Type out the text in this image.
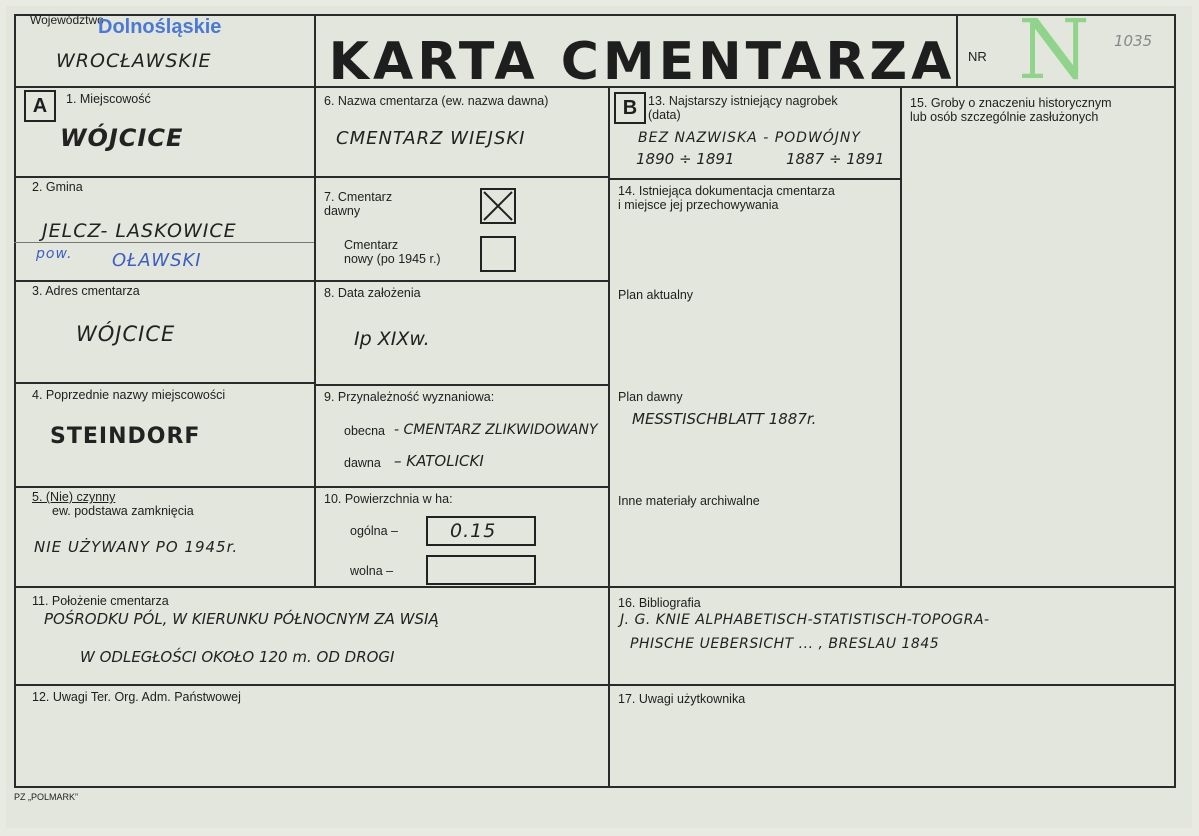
Województwo
Dolnośląskie
WROCŁAWSKIE KARTA CMENTARZA NR N 1035
A	1. Miejscowość
WÓJCICE
2. Gmina
JELCZ- LASKOWICE
pow. OŁAWSKI
3. Adres cmentarza
WÓJCICE
4. Poprzednie nazwy miejscowości
STEINDORF
5. (Nie) czynny
ew. podstawa zamknięcia
NIE UŻYWANY PO 1945r.
6. Nazwa cmentarza (ew. nazwa dawna)
CMENTARZ WIEJSKI
7. Cmentarz
dawny
Cmentarz
nowy (po 1945 r.)
8. Data założenia
Ip XIXw.
9. Przynależność wyznaniowa:
obecna - CMENTARZ ZLIKWIDOWANY
dawna – KATOLICKI
10. Powierzchnia w ha:
ogólna –	0.15
wolna –
B 13. Najstarszy istniejący nagrobek
(data)
BEZ NAZWISKA - PODWÓJNY
1890 ÷ 1891	1887 ÷ 1891
14. Istniejąca dokumentacja cmentarza
i miejsce jej przechowywania
Plan aktualny
Plan dawny
MESSTISCHBLATT 1887r.
Inne materiały archiwalne
15. Groby o znaczeniu historycznym
lub osób szczególnie zasłużonych
11. Położenie cmentarza
POŚRODKU PÓL, W KIERUNKU PÓŁNOCNYM ZA WSIĄ
W ODLEGŁOŚCI OKOŁO 120 m. OD DROGI
16. Bibliografia
J. G. KNIE ALPHABETISCH-STATISTISCH-TOPOGRA-
PHISCHE UEBERSICHT ... , BRESLAU 1845
12. Uwagi Ter. Org. Adm. Państwowej	17. Uwagi użytkownika
PZ „POLMARK”
